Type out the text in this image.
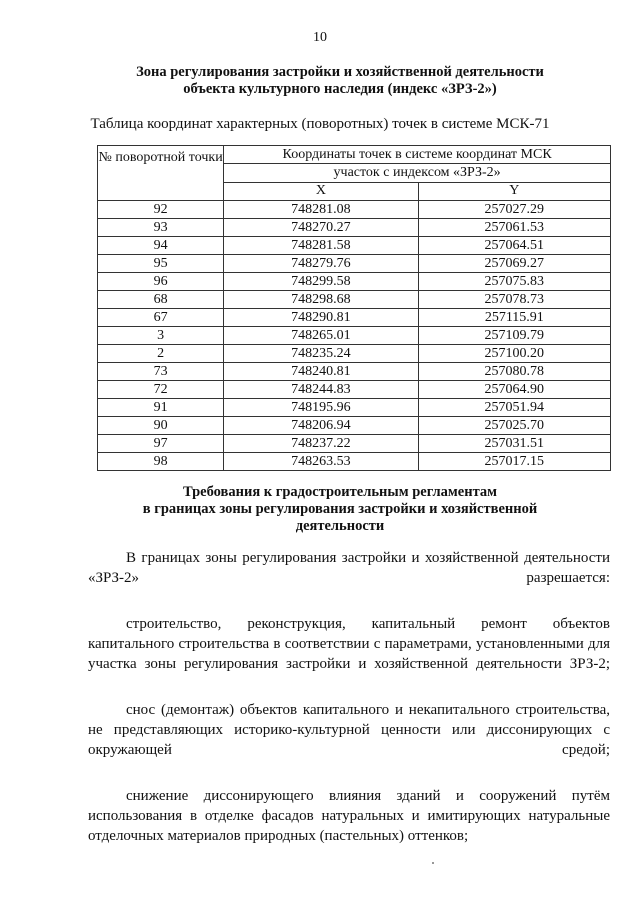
10
Зона регулирования застройки и хозяйственной деятельности
объекта культурного наследия (индекс «ЗРЗ-2»)
Таблица координат характерных (поворотных) точек в системе МСК-71
№ поворотной точки	Координаты точек в системе координат МСК	
	участок с индексом «ЗРЗ-2»	
	X	Y
92	748281.08	257027.29
93	748270.27	257061.53
94	748281.58	257064.51
95	748279.76	257069.27
96	748299.58	257075.83
68	748298.68	257078.73
67	748290.81	257115.91
3	748265.01	257109.79
2	748235.24	257100.20
73	748240.81	257080.78
72	748244.83	257064.90
91	748195.96	257051.94
90	748206.94	257025.70
97	748237.22	257031.51
98	748263.53	257017.15
Требования к градостроительным регламентам
в границах зоны регулирования застройки и хозяйственной
деятельности

В границах зоны регулирования застройки и хозяйственной деятельности «ЗРЗ-2» разрешается:

строительство, реконструкция, капитальный ремонт объектов капитального строительства в соответствии с параметрами, установленными для участка зоны регулирования застройки и хозяйственной деятельности ЗРЗ-2;

снос (демонтаж) объектов капитального и некапитального строительства, не представляющих историко-культурной ценности или диссонирующих с окружающей средой;

снижение диссонирующего влияния зданий и сооружений путём использования в отделке фасадов натуральных и имитирующих натуральные отделочных материалов природных (пастельных) оттенков;
